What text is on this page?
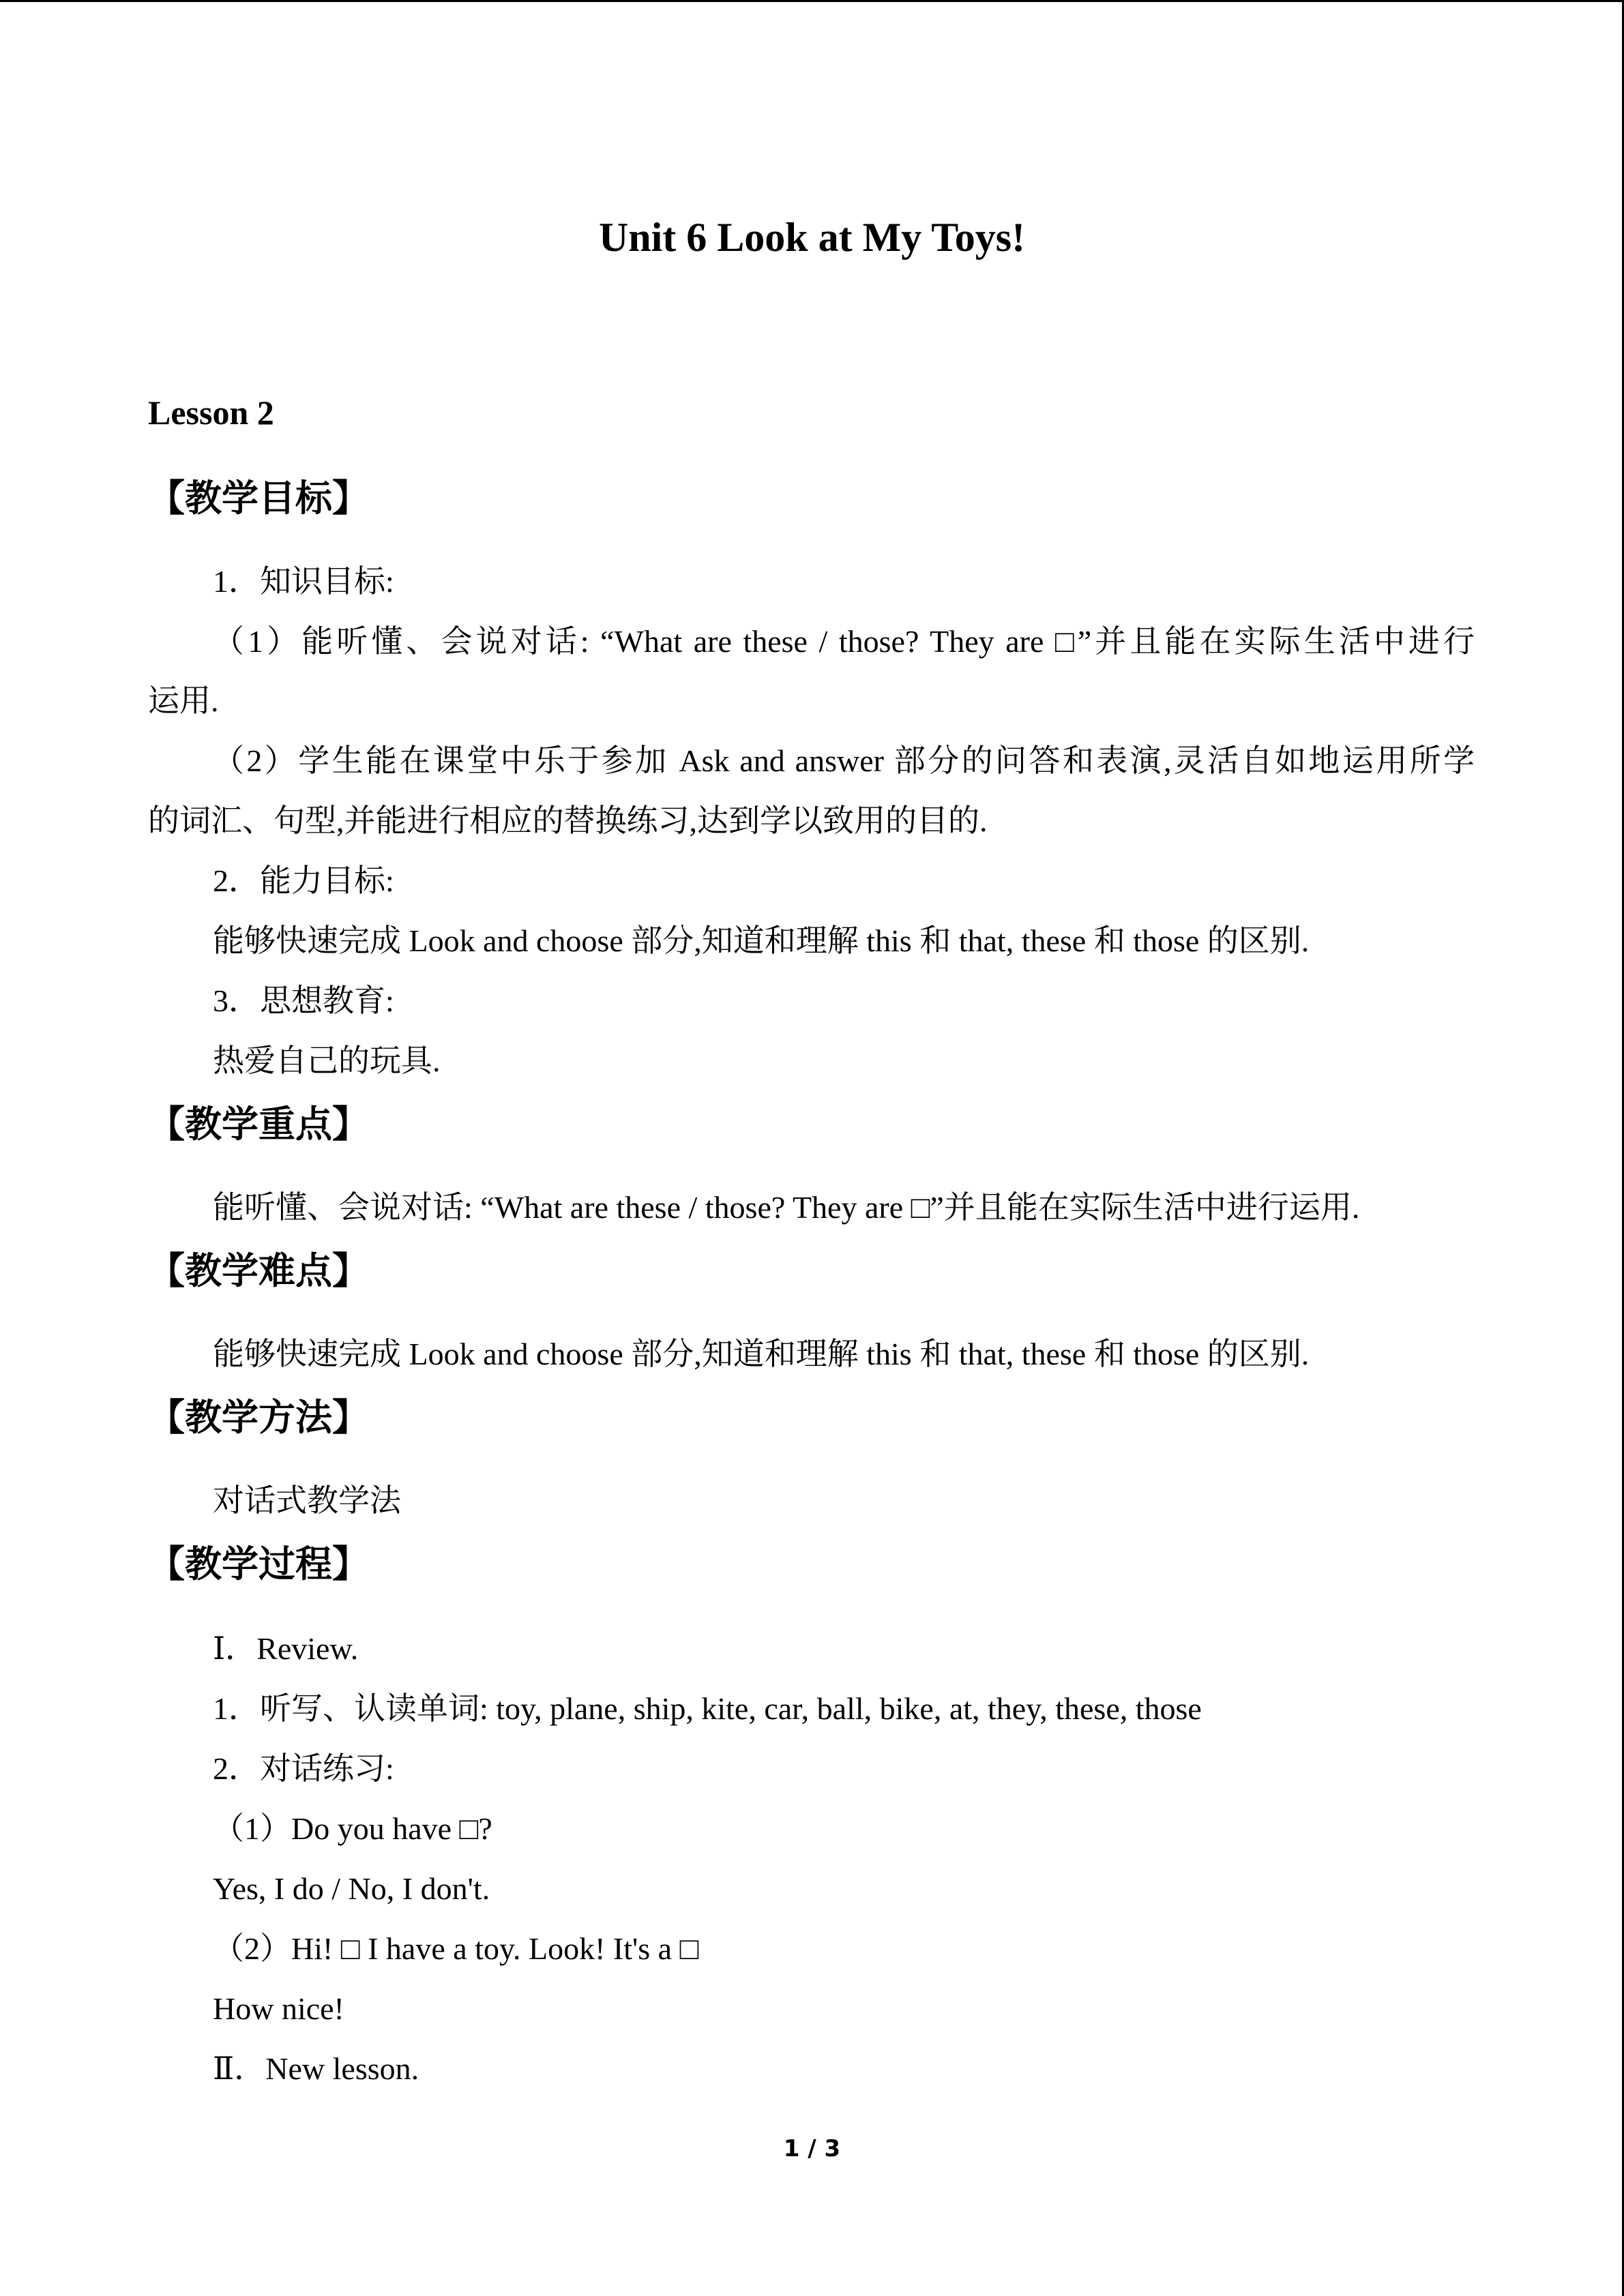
Unit 6 Look at My Toys!
Lesson 2
【教学目标】
1．知识目标:
（1）能听懂、会说对话: “What are these / those? They are □”并且能在实际生活中进行
运用.
（2）学生能在课堂中乐于参加 Ask and answer 部分的问答和表演,灵活自如地运用所学
的词汇、句型,并能进行相应的替换练习,达到学以致用的目的.
2．能力目标:
能够快速完成 Look and choose 部分,知道和理解 this 和 that, these 和 those 的区别.
3．思想教育:
热爱自己的玩具.
【教学重点】
能听懂、会说对话: “What are these / those? They are □”并且能在实际生活中进行运用.
【教学难点】
能够快速完成 Look and choose 部分,知道和理解 this 和 that, these 和 those 的区别.
【教学方法】
对话式教学法
【教学过程】
Ⅰ．Review.
1．听写、认读单词: toy, plane, ship, kite, car, ball, bike, at, they, these, those
2．对话练习:
（1）Do you have □?
Yes, I do / No, I don't.
（2）Hi! □ I have a toy. Look! It's a □
How nice!
Ⅱ．New lesson.
1 / 3
